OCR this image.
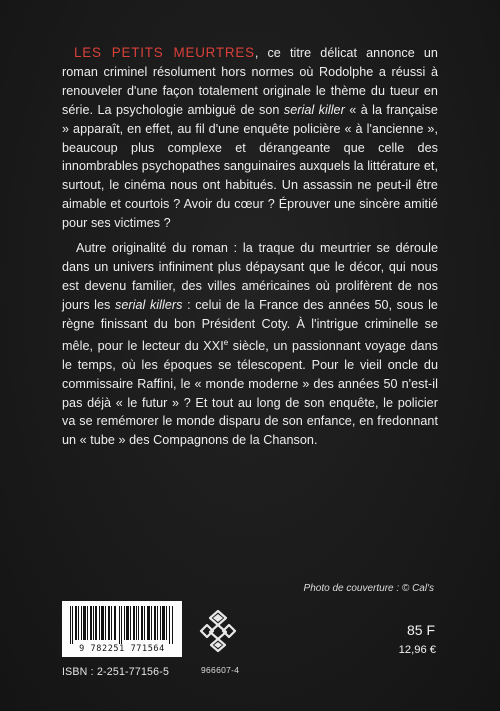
LES PETITS MEURTRES, ce titre délicat annonce un roman criminel résolument hors normes où Rodolphe a réussi à renouveler d'une façon totalement originale le thème du tueur en série. La psychologie ambiguë de son serial killer « à la française » apparaît, en effet, au fil d'une enquête policière « à l'ancienne », beaucoup plus complexe et dérangeante que celle des innombrables psychopathes sanguinaires auxquels la littérature et, surtout, le cinéma nous ont habitués. Un assassin ne peut-il être aimable et courtois ? Avoir du cœur ? Éprouver une sincère amitié pour ses victimes ?

Autre originalité du roman : la traque du meurtrier se déroule dans un univers infiniment plus dépaysant que le décor, qui nous est devenu familier, des villes américaines où prolifèrent de nos jours les serial killers : celui de la France des années 50, sous le règne finissant du bon Président Coty. À l'intrigue criminelle se mêle, pour le lecteur du XXIe siècle, un passionnant voyage dans le temps, où les époques se télescopent. Pour le vieil oncle du commissaire Raffini, le « monde moderne » des années 50 n'est-il pas déjà « le futur » ? Et tout au long de son enquête, le policier va se remémorer le monde disparu de son enfance, en fredonnant un « tube » des Compagnons de la Chanson.

Photo de couverture : © Cal's
9 782251 771564
ISBN : 2-251-77156-5	966607-4
85 F
12,96 €
